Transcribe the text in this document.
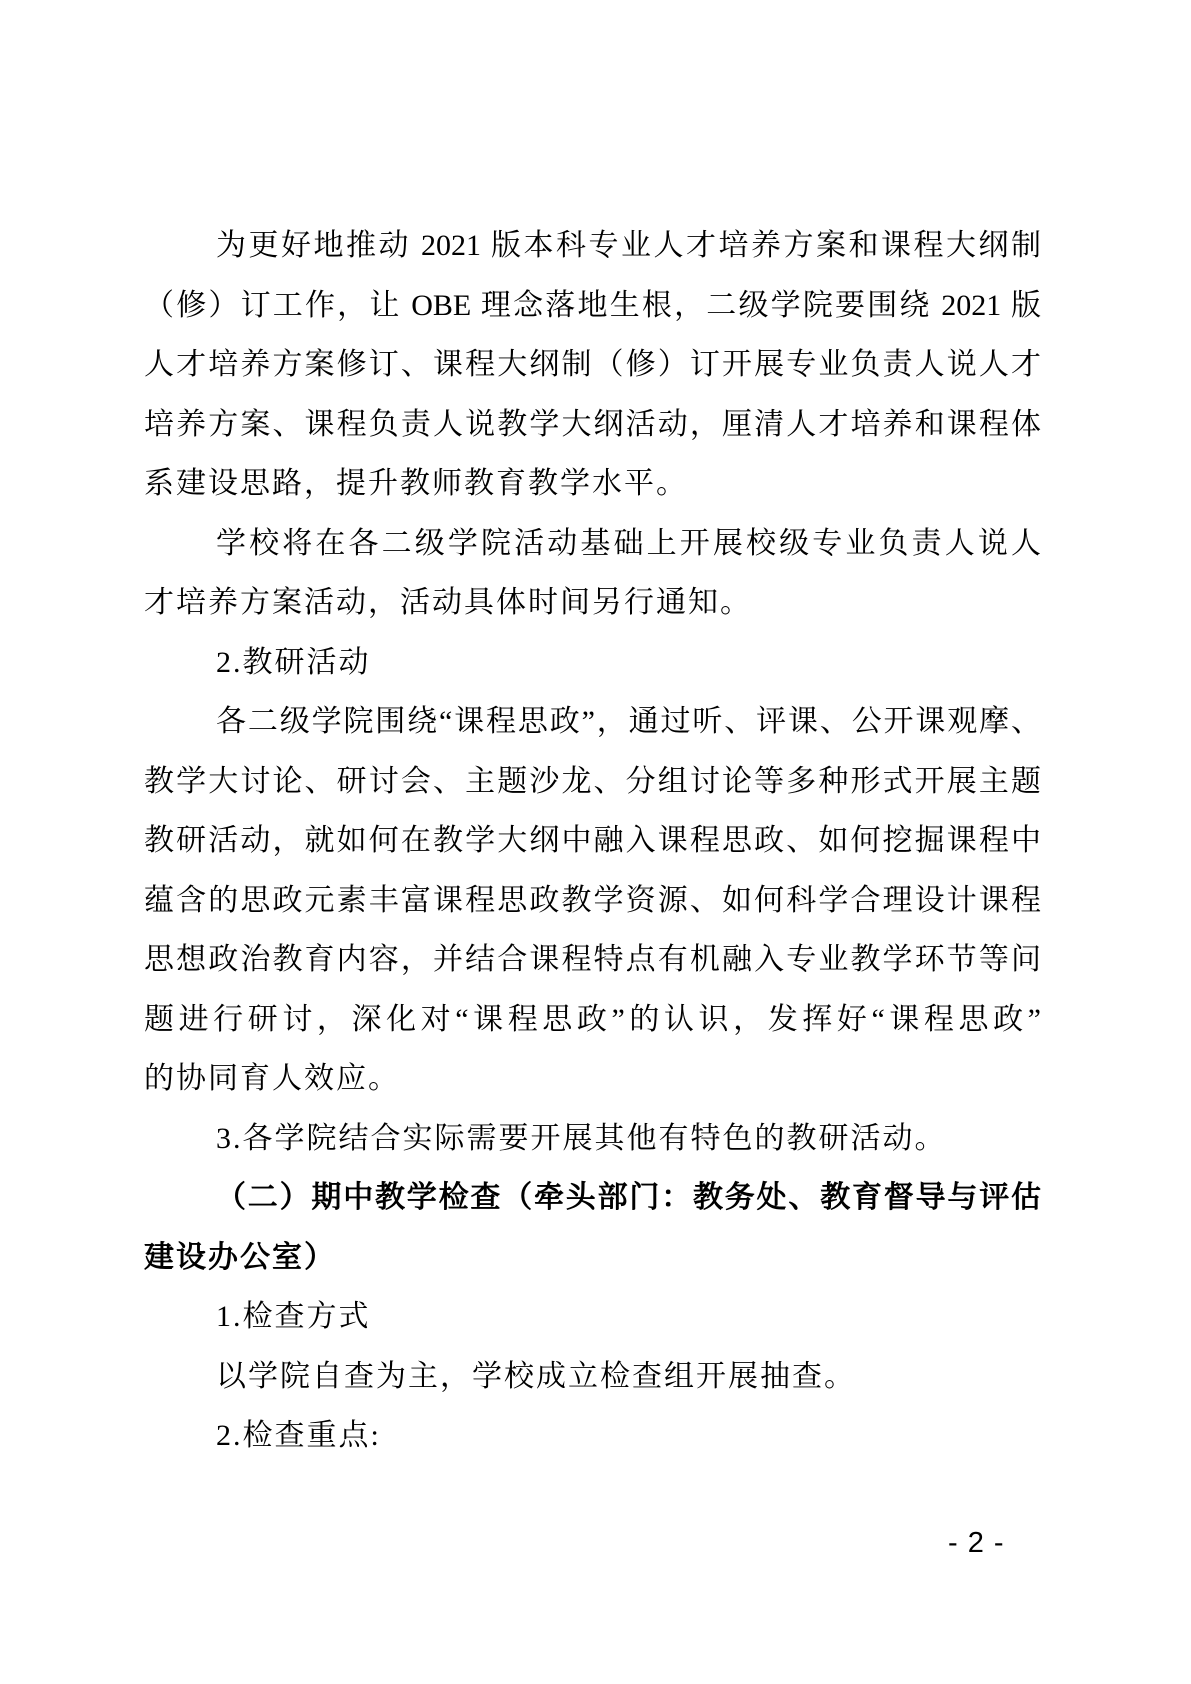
为更好地推动 2021 版本科专业人才培养方案和课程大纲制
（修）订工作，让 OBE 理念落地生根，二级学院要围绕 2021 版
人才培养方案修订、课程大纲制（修）订开展专业负责人说人才
培养方案、课程负责人说教学大纲活动，厘清人才培养和课程体
系建设思路，提升教师教育教学水平。
学校将在各二级学院活动基础上开展校级专业负责人说人
才培养方案活动，活动具体时间另行通知。
2.教研活动
各二级学院围绕“课程思政”，通过听、评课、公开课观摩、
教学大讨论、研讨会、主题沙龙、分组讨论等多种形式开展主题
教研活动，就如何在教学大纲中融入课程思政、如何挖掘课程中
蕴含的思政元素丰富课程思政教学资源、如何科学合理设计课程
思想政治教育内容，并结合课程特点有机融入专业教学环节等问
题进行研讨，深化对“课程思政”的认识，发挥好“课程思政”
的协同育人效应。
3.各学院结合实际需要开展其他有特色的教研活动。
（二）期中教学检查（牵头部门：教务处、教育督导与评估
建设办公室）
1.检查方式
以学院自查为主，学校成立检查组开展抽查。
2.检查重点:
- 2 -
